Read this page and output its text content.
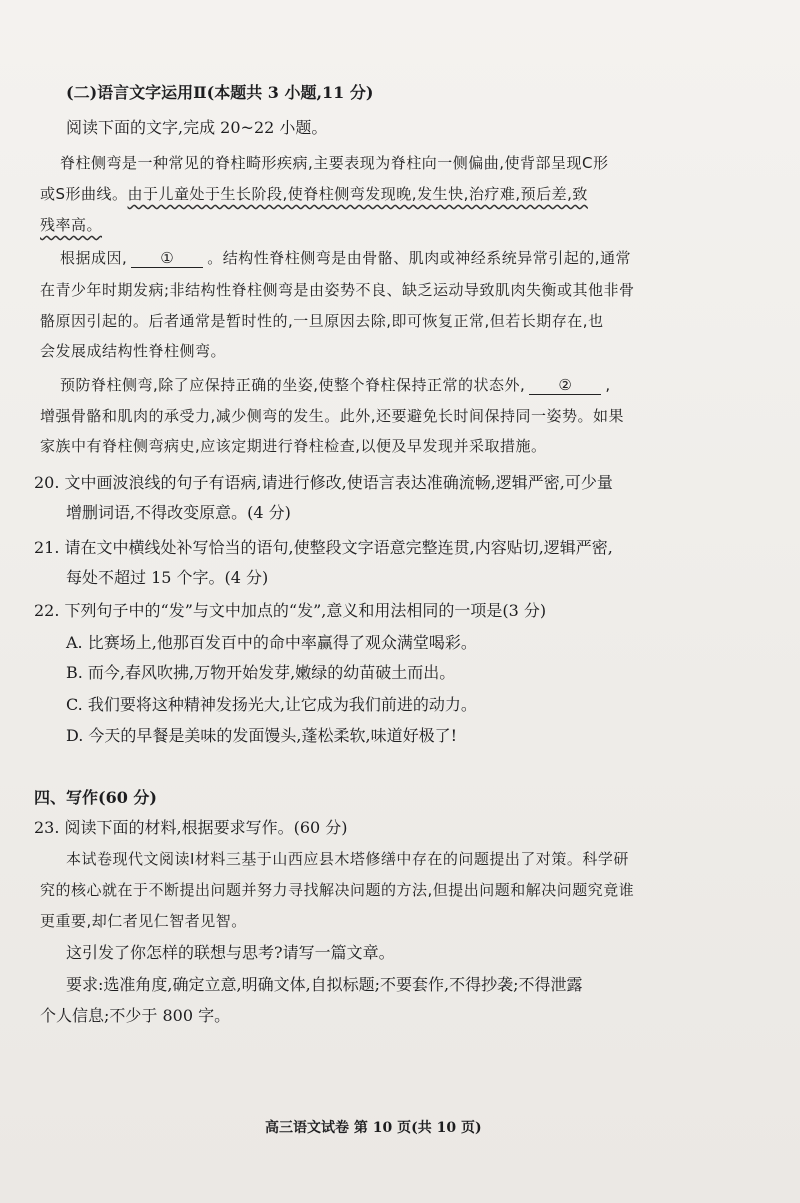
(二)语言文字运用Ⅱ(本题共 3 小题,11 分)
阅读下面的文字,完成 20~22 小题。
脊柱侧弯是一种常见的脊柱畸形疾病,主要表现为脊柱向一侧偏曲,使背部呈现C形
或S形曲线。由于儿童处于生长阶段,使脊柱侧弯发现晚,发生快,治疗难,预后差,致
残率高。
根据成因, ① 。结构性脊柱侧弯是由骨骼、肌肉或神经系统异常引起的,通常
在青少年时期发病;非结构性脊柱侧弯是由姿势不良、缺乏运动导致肌肉失衡或其他非骨
骼原因引起的。后者通常是暂时性的,一旦原因去除,即可恢复正常,但若长期存在,也
会发展成结构性脊柱侧弯。
预防脊柱侧弯,除了应保持正确的坐姿,使整个脊柱保持正常的状态外, ② ,
增强骨骼和肌肉的承受力,减少侧弯的发生。此外,还要避免长时间保持同一姿势。如果
家族中有脊柱侧弯病史,应该定期进行脊柱检查,以便及早发现并采取措施。
20. 文中画波浪线的句子有语病,请进行修改,使语言表达准确流畅,逻辑严密,可少量
增删词语,不得改变原意。(4 分)
21. 请在文中横线处补写恰当的语句,使整段文字语意完整连贯,内容贴切,逻辑严密,
每处不超过 15 个字。(4 分)
22. 下列句子中的“发”与文中加点的“发”,意义和用法相同的一项是(3 分)
A. 比赛场上,他那百发百中的命中率赢得了观众满堂喝彩。
B. 而今,春风吹拂,万物开始发芽,嫩绿的幼苗破土而出。
C. 我们要将这种精神发扬光大,让它成为我们前进的动力。
D. 今天的早餐是美味的发面馒头,蓬松柔软,味道好极了!
四、写作(60 分)
23. 阅读下面的材料,根据要求写作。(60 分)
本试卷现代文阅读Ⅰ材料三基于山西应县木塔修缮中存在的问题提出了对策。科学研
究的核心就在于不断提出问题并努力寻找解决问题的方法,但提出问题和解决问题究竟谁
更重要,却仁者见仁智者见智。
这引发了你怎样的联想与思考?请写一篇文章。
要求:选准角度,确定立意,明确文体,自拟标题;不要套作,不得抄袭;不得泄露
个人信息;不少于 800 字。
高三语文试卷 第 10 页(共 10 页)
